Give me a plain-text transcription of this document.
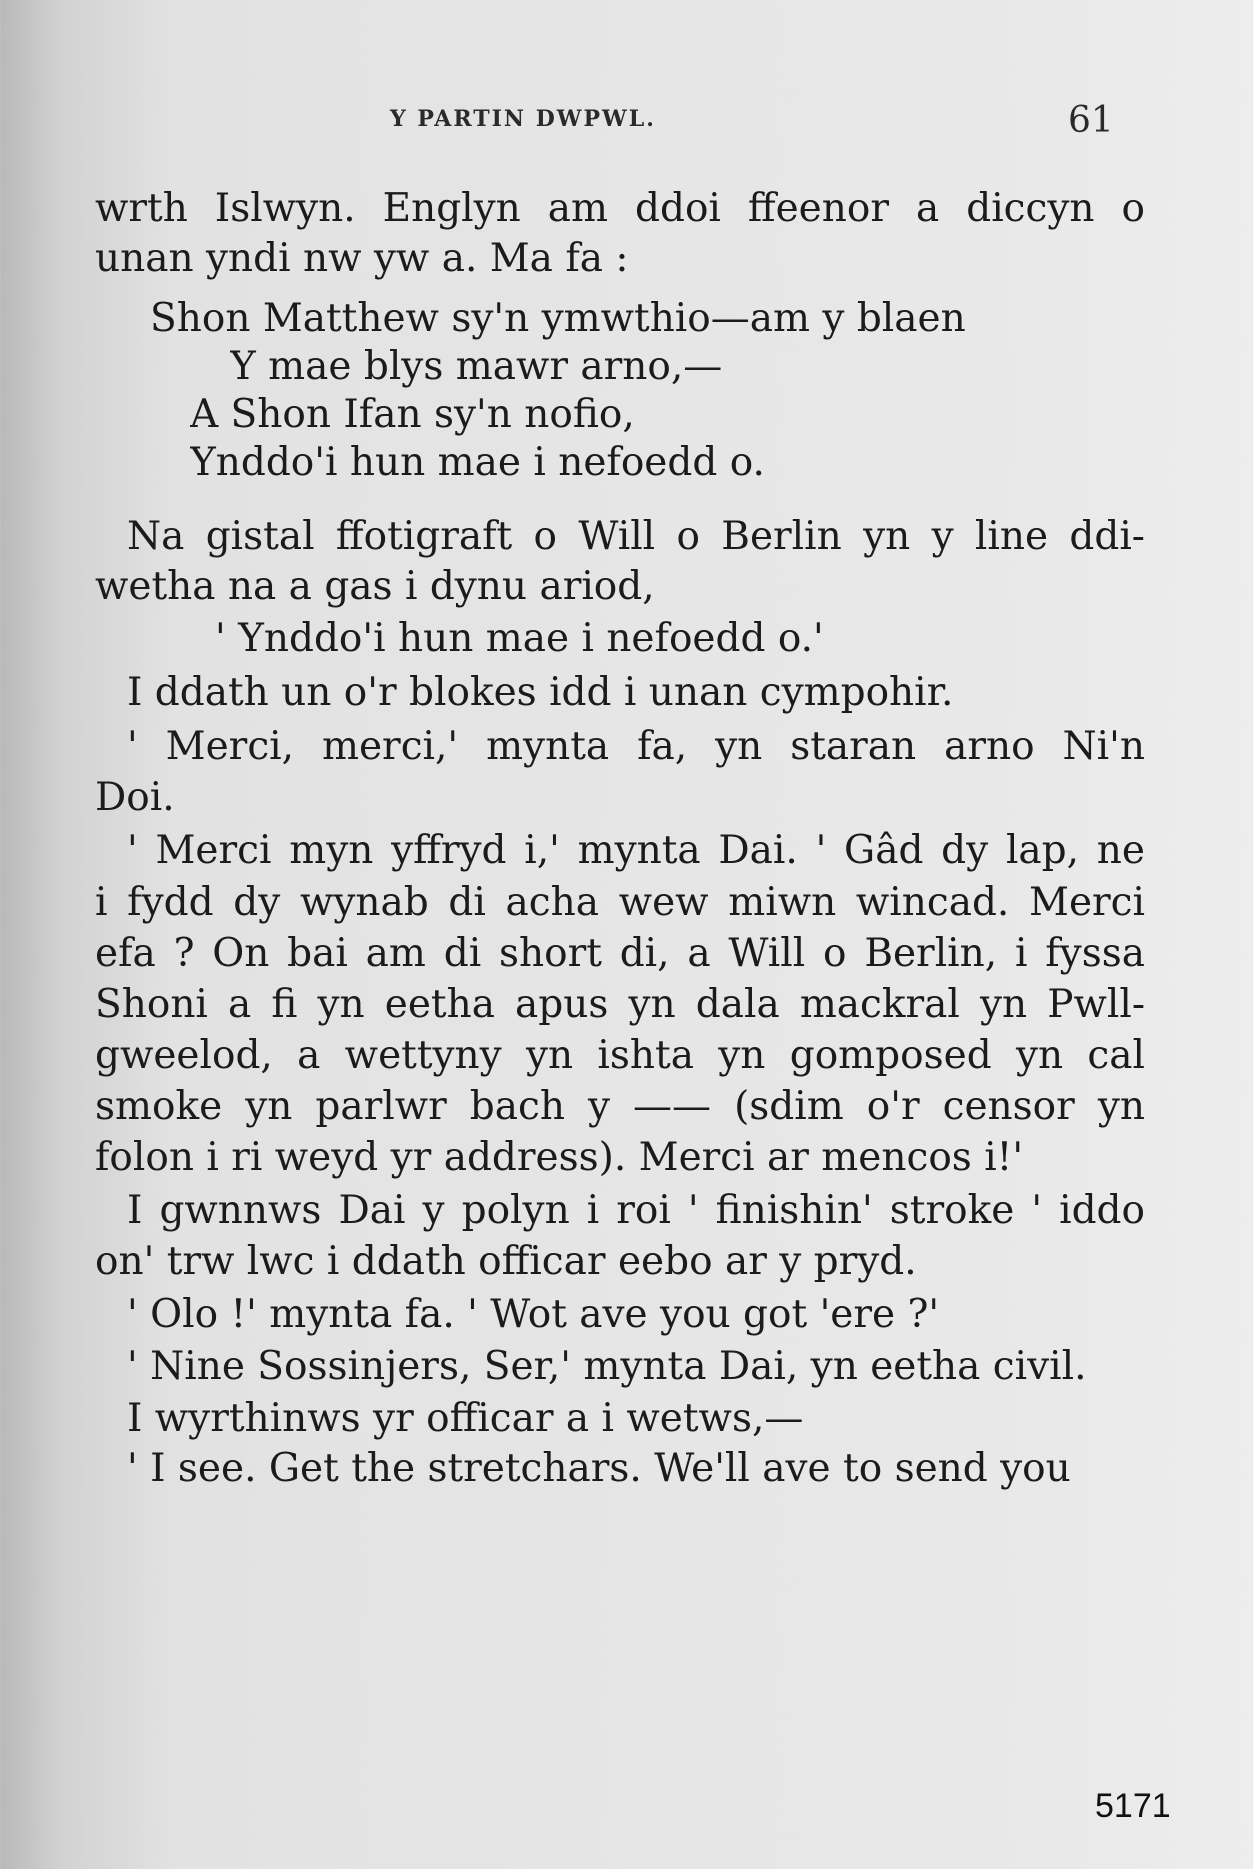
Y PARTIN DWPWL.	61
wrth Islwyn. Englyn am ddoi ffeenor a diccyn o
unan yndi nw yw a. Ma fa :
Shon Matthew sy'n ymwthio—am y blaen
Y mae blys mawr arno,—
A Shon Ifan sy'n nofio,
Ynddo'i hun mae i nefoedd o.
Na gistal ffotigraft o Will o Berlin yn y line ddi-
wetha na a gas i dynu ariod,
' Ynddo'i hun mae i nefoedd o.'
I ddath un o'r blokes idd i unan cympohir.
' Merci, merci,' mynta fa, yn staran arno Ni'n
Doi.
' Merci myn yffryd i,' mynta Dai. ' Gâd dy lap, ne
i fydd dy wynab di acha wew miwn wincad. Merci
efa ? On bai am di short di, a Will o Berlin, i fyssa
Shoni a fi yn eetha apus yn dala mackral yn Pwll-
gweelod, a wettyny yn ishta yn gomposed yn cal
smoke yn parlwr bach y —— (sdim o'r censor yn
folon i ri weyd yr address). Merci ar mencos i!'
I gwnnws Dai y polyn i roi ' finishin' stroke ' iddo
on' trw lwc i ddath officar eebo ar y pryd.
' Olo !' mynta fa. ' Wot ave you got 'ere ?'
' Nine Sossinjers, Ser,' mynta Dai, yn eetha civil.
I wyrthinws yr officar a i wetws,—
' I see. Get the stretchars. We'll ave to send you
5171
